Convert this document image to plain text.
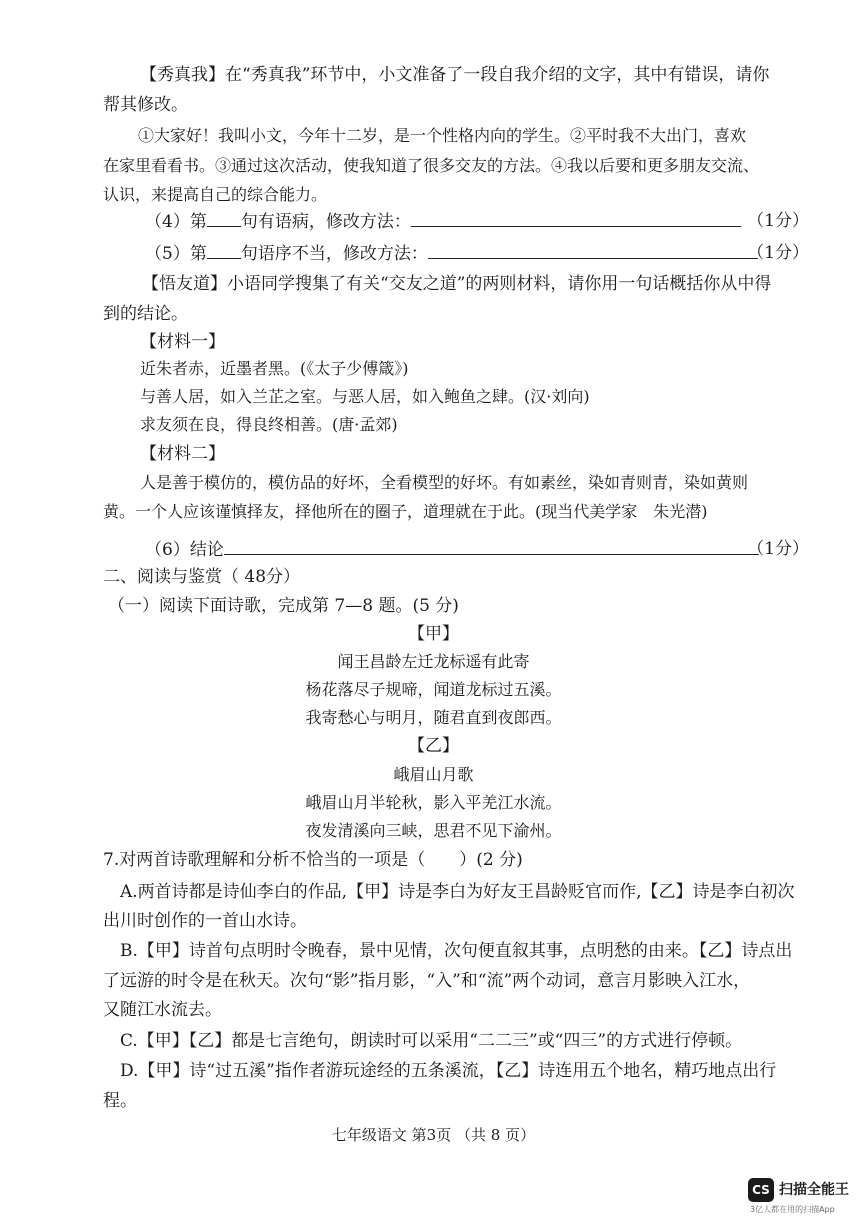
【秀真我】在“秀真我”环节中，小文准备了一段自我介绍的文字，其中有错误，请你
帮其修改。
①大家好！我叫小文，今年十二岁，是一个性格内向的学生。②平时我不大出门，喜欢
在家里看看书。③通过这次活动，使我知道了很多交友的方法。④我以后要和更多朋友交流、
认识，来提高自己的综合能力。
（4）第 句有语病，修改方法：	（1分）
（5）第 句语序不当，修改方法：	（1分）
【悟友道】小语同学搜集了有关“交友之道”的两则材料，请你用一句话概括你从中得
到的结论。
【材料一】
近朱者赤，近墨者黑。(《太子少傅箴》)
与善人居，如入兰芷之室。与恶人居，如入鲍鱼之肆。(汉·刘向)
求友须在良，得良终相善。(唐·孟郊)
【材料二】
人是善于模仿的，模仿品的好坏，全看模型的好坏。有如素丝，染如青则青，染如黄则
黄。一个人应该谨慎择友，择他所在的圈子，道理就在于此。(现当代美学家　朱光潜)
（6）结论	（1分）
二、阅读与鉴赏（ 48分）
（一）阅读下面诗歌，完成第 7—8 题。(5 分)
【甲】
闻王昌龄左迁龙标遥有此寄
杨花落尽子规啼，闻道龙标过五溪。
我寄愁心与明月，随君直到夜郎西。
【乙】
峨眉山月歌
峨眉山月半轮秋，影入平羌江水流。
夜发清溪向三峡，思君不见下渝州。
7.对两首诗歌理解和分析不恰当的一项是（　　）(2 分)
A.两首诗都是诗仙李白的作品,【甲】诗是李白为好友王昌龄贬官而作,【乙】诗是李白初次
出川时创作的一首山水诗。
B.【甲】诗首句点明时令晚春，景中见情，次句便直叙其事，点明愁的由来。【乙】诗点出
了远游的时令是在秋天。次句“影”指月影，“入”和“流”两个动词，意言月影映入江水，
又随江水流去。
C.【甲】【乙】都是七言绝句，朗读时可以采用“二二三”或“四三”的方式进行停顿。
D.【甲】诗“过五溪”指作者游玩途经的五条溪流，【乙】诗连用五个地名，精巧地点出行
程。
七年级语文 第3页 （共 8 页）
CS 扫描全能王
3亿人都在用的扫描App
